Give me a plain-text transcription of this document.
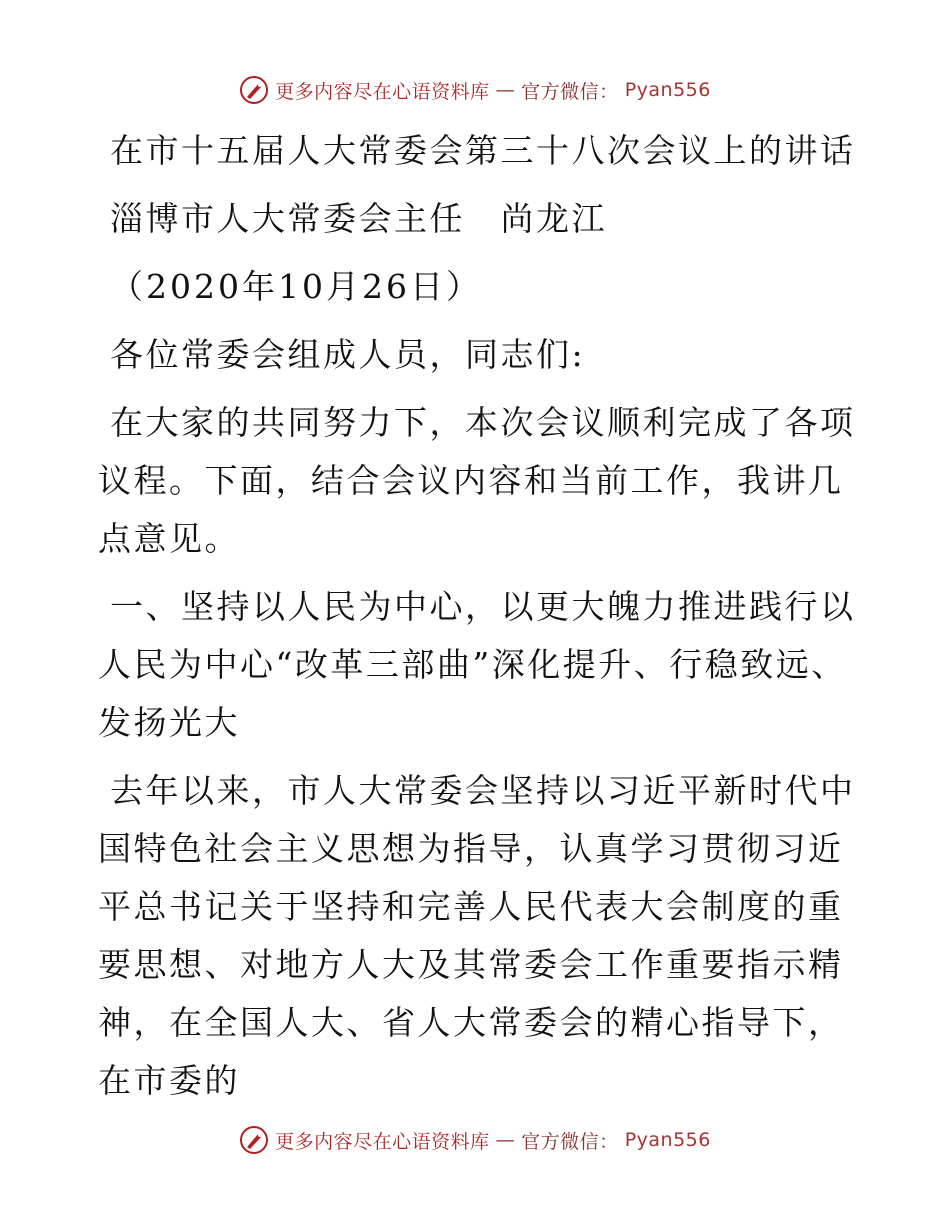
更多内容尽在心语资料库 — 官方微信： Pyan556

在市十五届人大常委会第三十八次会议上的讲话

淄博市人大常委会主任　尚龙江

（2020年10月26日）

各位常委会组成人员，同志们:

在大家的共同努力下，本次会议顺利完成了各项议程。下面，结合会议内容和当前工作，我讲几点意见。

一、坚持以人民为中心，以更大魄力推进践行以人民为中心“改革三部曲”深化提升、行稳致远、发扬光大

去年以来，市人大常委会坚持以习近平新时代中国特色社会主义思想为指导，认真学习贯彻习近平总书记关于坚持和完善人民代表大会制度的重要思想、对地方人大及其常委会工作重要指示精神，在全国人大、省人大常委会的精心指导下，在市委的

更多内容尽在心语资料库 — 官方微信： Pyan556
